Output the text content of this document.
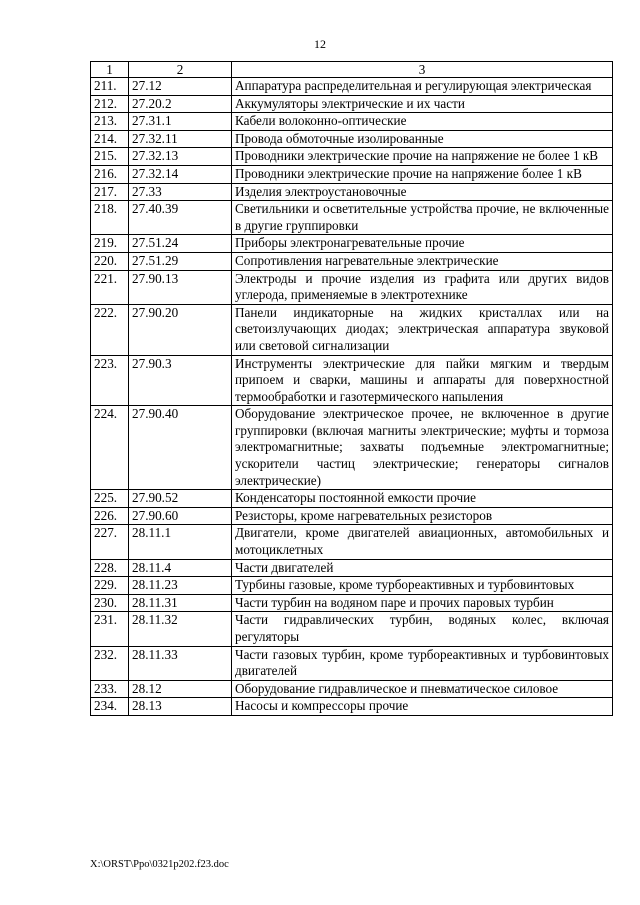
12
1	2	3
211.	27.12	Аппаратура распределительная и регулирующая электрическая
212.	27.20.2	Аккумуляторы электрические и их части
213.	27.31.1	Кабели волоконно-оптические
214.	27.32.11	Провода обмоточные изолированные
215.	27.32.13	Проводники электрические прочие на напряжение не более 1 кВ
216.	27.32.14	Проводники электрические прочие на напряжение более 1 кВ
217.	27.33	Изделия электроустановочные
218.	27.40.39	Светильники и осветительные устройства прочие, не включенные в другие группировки
219.	27.51.24	Приборы электронагревательные прочие
220.	27.51.29	Сопротивления нагревательные электрические
221.	27.90.13	Электроды и прочие изделия из графита или других видов углерода, применяемые в электротехнике
222.	27.90.20	Панели индикаторные на жидких кристаллах или на светоизлучающих диодах; электрическая аппаратура звуковой или световой сигнализации
223.	27.90.3	Инструменты электрические для пайки мягким и твердым припоем и сварки, машины и аппараты для поверхностной термообработки и газотермического напыления
224.	27.90.40	Оборудование электрическое прочее, не включенное в другие группировки (включая магниты электрические; муфты и тормоза электромагнитные; захваты подъемные электромагнитные; ускорители частиц электрические; генераторы сигналов электрические)
225.	27.90.52	Конденсаторы постоянной емкости прочие
226.	27.90.60	Резисторы, кроме нагревательных резисторов
227.	28.11.1	Двигатели, кроме двигателей авиационных, автомобильных и мотоциклетных
228.	28.11.4	Части двигателей
229.	28.11.23	Турбины газовые, кроме турбореактивных и турбовинтовых
230.	28.11.31	Части турбин на водяном паре и прочих паровых турбин
231.	28.11.32	Части гидравлических турбин, водяных колес, включая регуляторы
232.	28.11.33	Части газовых турбин, кроме турбореактивных и турбовинтовых двигателей
233.	28.12	Оборудование гидравлическое и пневматическое силовое
234.	28.13	Насосы и компрессоры прочие
X:\ORST\Ppo\0321p202.f23.doc
